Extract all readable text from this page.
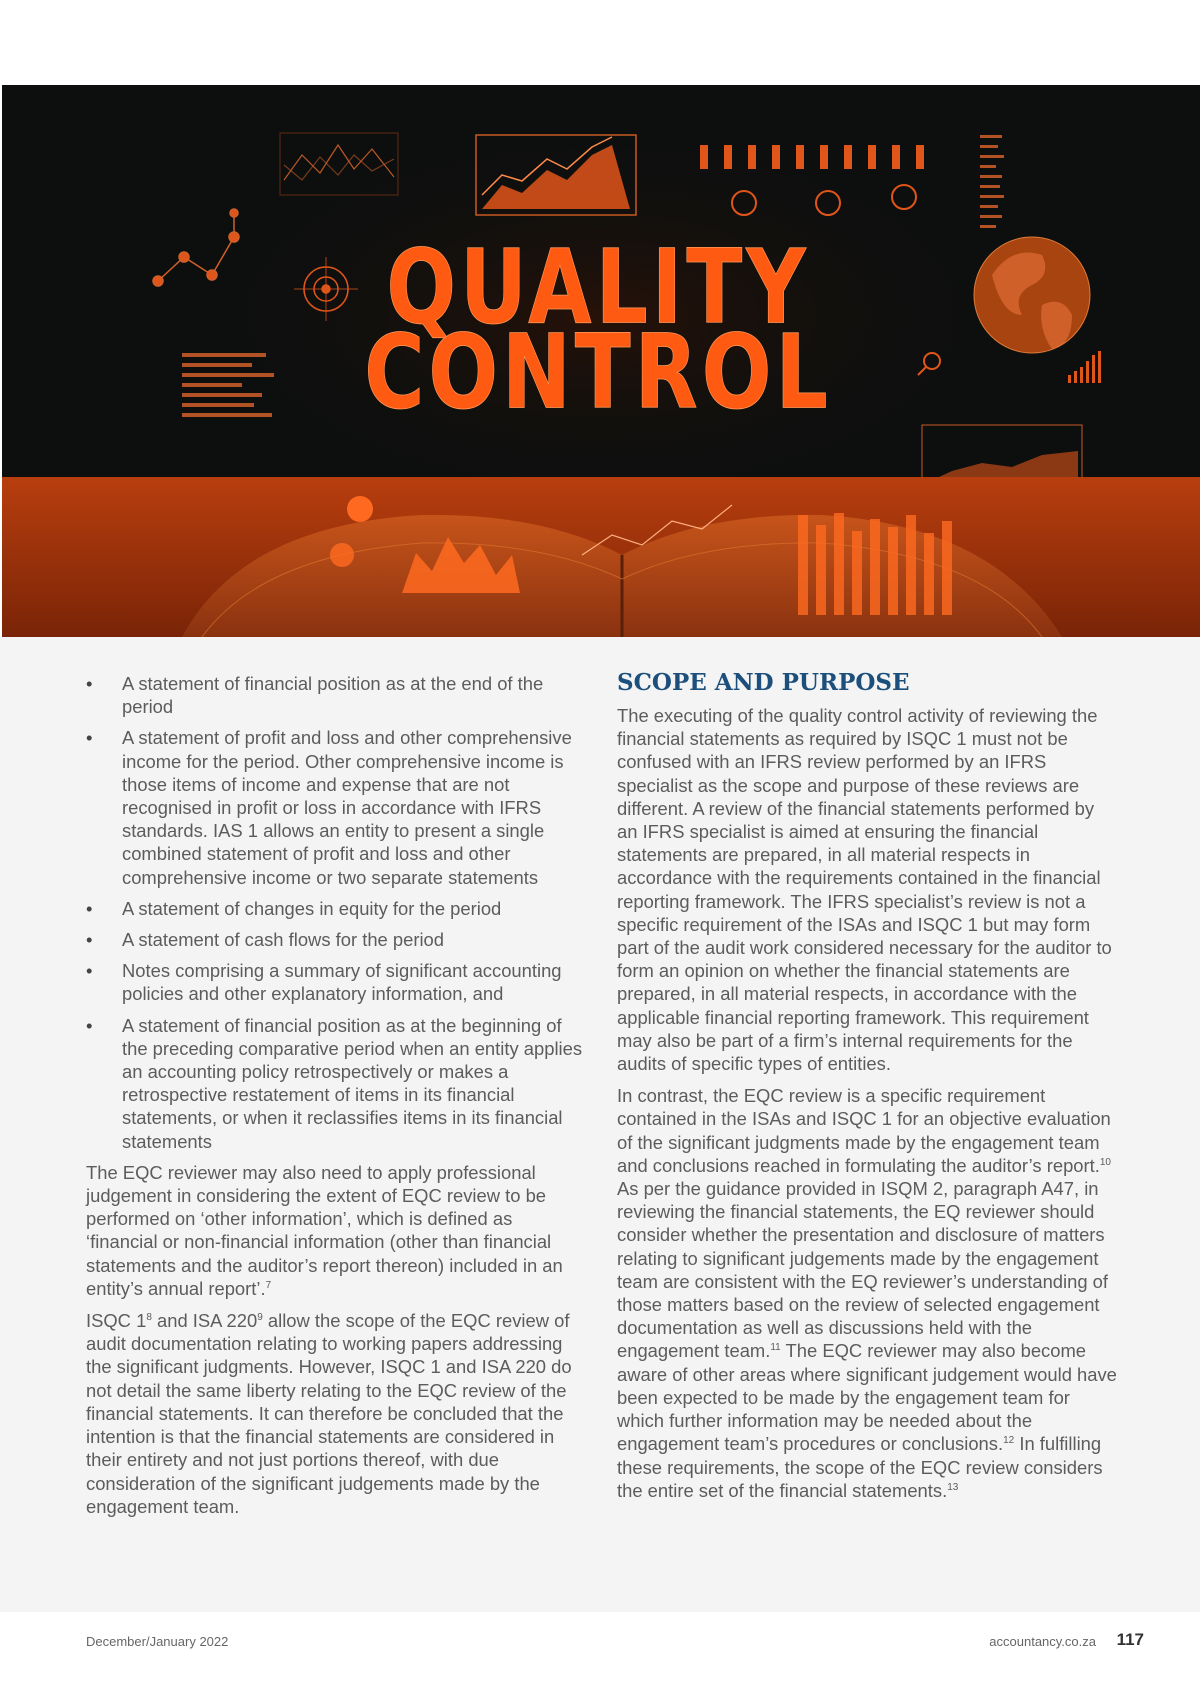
QUALITY
CONTROL
• A statement of financial position as at the end of the period
• A statement of profit and loss and other comprehensive income for the period. Other comprehensive income is those items of income and expense that are not recognised in profit or loss in accordance with IFRS standards. IAS 1 allows an entity to present a single combined statement of profit and loss and other comprehensive income or two separate statements
• A statement of changes in equity for the period
• A statement of cash flows for the period
• Notes comprising a summary of significant accounting policies and other explanatory information, and
• A statement of financial position as at the beginning of the preceding comparative period when an entity applies an accounting policy retrospectively or makes a retrospective restatement of items in its financial statements, or when it reclassifies items in its financial statements

The EQC reviewer may also need to apply professional judgement in considering the extent of EQC review to be performed on ‘other information’, which is defined as ‘financial or non-financial information (other than financial statements and the auditor’s report thereon) included in an entity’s annual report’.$^7$

ISQC $1^8$ and ISA $220^9$ allow the scope of the EQC review of audit documentation relating to working papers addressing the significant judgments. However, ISQC 1 and ISA 220 do not detail the same liberty relating to the EQC review of the financial statements. It can therefore be concluded that the intention is that the financial statements are considered in their entirety and not just portions thereof, with due consideration of the significant judgements made by the engagement team.

SCOPE AND PURPOSE

The executing of the quality control activity of reviewing the financial statements as required by ISQC 1 must not be confused with an IFRS review performed by an IFRS specialist as the scope and purpose of these reviews are different. A review of the financial statements performed by an IFRS specialist is aimed at ensuring the financial statements are prepared, in all material respects in accordance with the requirements contained in the financial reporting framework. The IFRS specialist’s review is not a specific requirement of the ISAs and ISQC 1 but may form part of the audit work considered necessary for the auditor to form an opinion on whether the financial statements are prepared, in all material respects, in accordance with the applicable financial reporting framework. This requirement may also be part of a firm’s internal requirements for the audits of specific types of entities.

In contrast, the EQC review is a specific requirement contained in the ISAs and ISQC 1 for an objective evaluation of the significant judgments made by the engagement team and conclusions reached in formulating the auditor’s report.$^{10}$ As per the guidance provided in ISQM 2, paragraph A47, in reviewing the financial statements, the EQ reviewer should consider whether the presentation and disclosure of matters relating to significant judgements made by the engagement team are consistent with the EQ reviewer’s understanding of those matters based on the review of selected engagement documentation as well as discussions held with the engagement team.$^{11}$ The EQC reviewer may also become aware of other areas where significant judgement would have been expected to be made by the engagement team for which further information may be needed about the engagement team’s procedures or conclusions.$^{12}$ In fulfilling these requirements, the scope of the EQC review considers the entire set of the financial statements.$^{13}$

December/January 2022	accountancy.co.za 117
